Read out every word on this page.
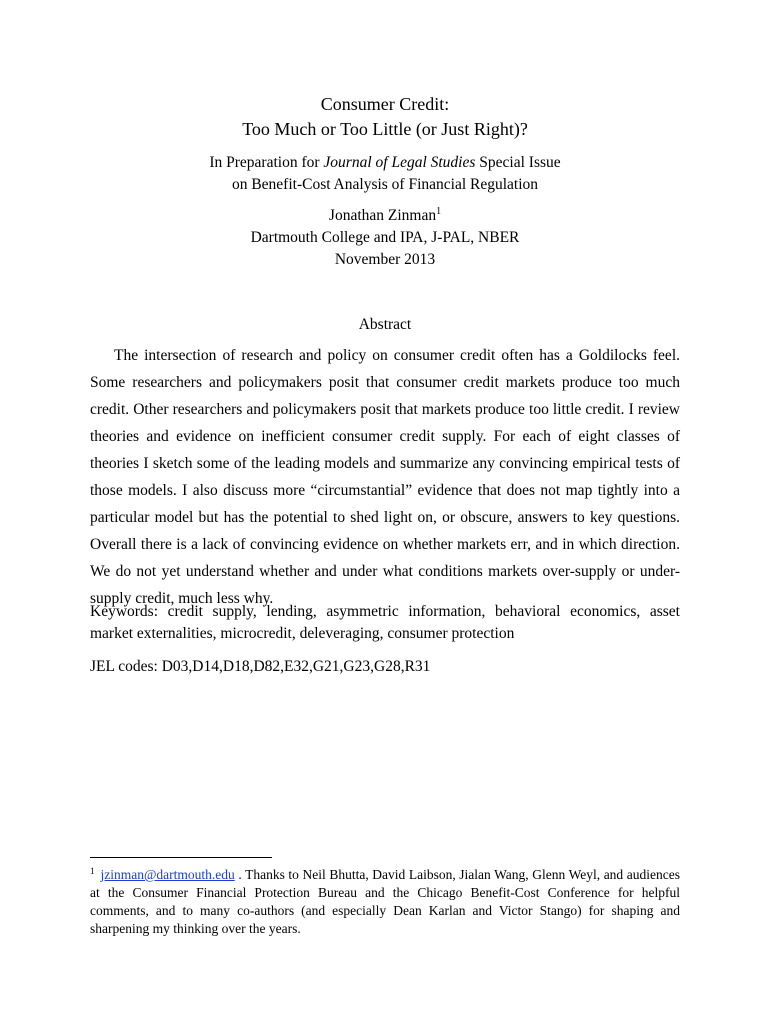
Consumer Credit:
Too Much or Too Little (or Just Right)?
In Preparation for Journal of Legal Studies Special Issue
on Benefit-Cost Analysis of Financial Regulation
Jonathan Zinman$^1$
Dartmouth College and IPA, J-PAL, NBER
November 2013
Abstract

The intersection of research and policy on consumer credit often has a Goldilocks feel. Some researchers and policymakers posit that consumer credit markets produce too much credit. Other researchers and policymakers posit that markets produce too little credit. I review theories and evidence on inefficient consumer credit supply. For each of eight classes of theories I sketch some of the leading models and summarize any convincing empirical tests of those models. I also discuss more “circumstantial” evidence that does not map tightly into a particular model but has the potential to shed light on, or obscure, answers to key questions. Overall there is a lack of convincing evidence on whether markets err, and in which direction. We do not yet understand whether and under what conditions markets over-supply or under-supply credit, much less why.

Keywords: credit supply, lending, asymmetric information, behavioral economics, asset market externalities, microcredit, deleveraging, consumer protection

JEL codes: D03,D14,D18,D82,E32,G21,G23,G28,R31

$^1$ jzinman@dartmouth.edu . Thanks to Neil Bhutta, David Laibson, Jialan Wang, Glenn Weyl, and audiences at the Consumer Financial Protection Bureau and the Chicago Benefit-Cost Conference for helpful comments, and to many co-authors (and especially Dean Karlan and Victor Stango) for shaping and sharpening my thinking over the years.
